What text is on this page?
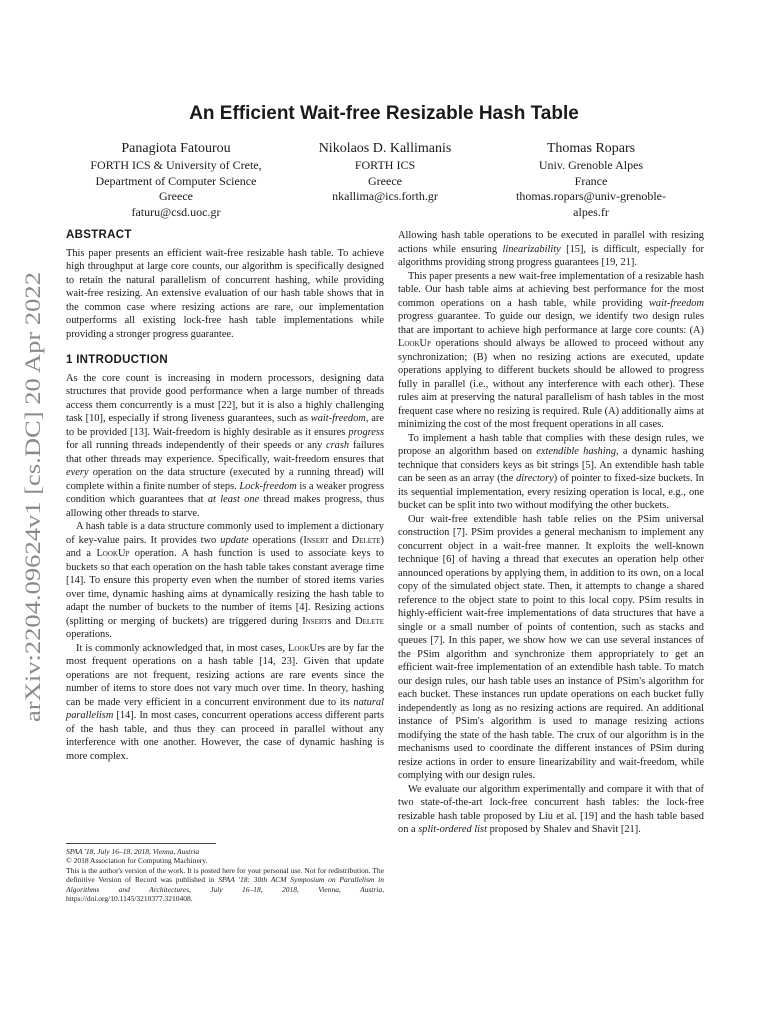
arXiv:2204.09624v1 [cs.DC] 20 Apr 2022
An Efficient Wait-free Resizable Hash Table
Panagiota Fatourou
FORTH ICS & University of Crete,
Department of Computer Science
Greece
faturu@csd.uoc.gr
Nikolaos D. Kallimanis
FORTH ICS
Greece
nkallima@ics.forth.gr
Thomas Ropars
Univ. Grenoble Alpes
France
thomas.ropars@univ-grenoble-
alpes.fr
ABSTRACT

This paper presents an efficient wait-free resizable hash table. To achieve high throughput at large core counts, our algorithm is specifically designed to retain the natural parallelism of concurrent hashing, while providing wait-free resizing. An extensive evaluation of our hash table shows that in the common case where resizing actions are rare, our implementation outperforms all existing lock-free hash table implementations while providing a stronger progress guarantee.

1 INTRODUCTION

As the core count is increasing in modern processors, designing data structures that provide good performance when a large number of threads access them concurrently is a must [22], but it is also a highly challenging task [10], especially if strong liveness guarantees, such as wait-freedom, are to be provided [13]. Wait-freedom is highly desirable as it ensures progress for all running threads independently of their speeds or any crash failures that other threads may experience. Specifically, wait-freedom ensures that every operation on the data structure (executed by a running thread) will complete within a finite number of steps. Lock-freedom is a weaker progress condition which guarantees that at least one thread makes progress, thus allowing other threads to starve.

A hash table is a data structure commonly used to implement a dictionary of key-value pairs. It provides two update operations (Insert and Delete) and a LookUp operation. A hash function is used to associate keys to buckets so that each operation on the hash table takes constant average time [14]. To ensure this property even when the number of stored items varies over time, dynamic hashing aims at dynamically resizing the hash table to adapt the number of buckets to the number of items [4]. Resizing actions (splitting or merging of buckets) are triggered during Inserts and Delete operations.

It is commonly acknowledged that, in most cases, LookUps are by far the most frequent operations on a hash table [14, 23]. Given that update operations are not frequent, resizing actions are rare events since the number of items to store does not vary much over time. In theory, hashing can be made very efficient in a concurrent environment due to its natural parallelism [14]. In most cases, concurrent operations access different parts of the hash table, and thus they can proceed in parallel without any interference with one another. However, the case of dynamic hashing is more complex.

SPAA '18, July 16–18, 2018, Vienna, Austria
© 2018 Association for Computing Machinery.
This is the author's version of the work. It is posted here for your personal use. Not for redistribution. The definitive Version of Record was published in SPAA '18: 30th ACM Symposium on Parallelism in Algorithms and Architectures, July 16–18, 2018, Vienna, Austria, https://doi.org/10.1145/3210377.3210408.

Allowing hash table operations to be executed in parallel with resizing actions while ensuring linearizability [15], is difficult, especially for algorithms providing strong progress guarantees [19, 21].

This paper presents a new wait-free implementation of a resizable hash table. Our hash table aims at achieving best performance for the most common operations on a hash table, while providing wait-freedom progress guarantee. To guide our design, we identify two design rules that are important to achieve high performance at large core counts: (A) LookUp operations should always be allowed to proceed without any synchronization; (B) when no resizing actions are executed, update operations applying to different buckets should be allowed to progress fully in parallel (i.e., without any interference with each other). These rules aim at preserving the natural parallelism of hash tables in the most frequent case where no resizing is required. Rule (A) additionally aims at minimizing the cost of the most frequent operations in all cases.

To implement a hash table that complies with these design rules, we propose an algorithm based on extendible hashing, a dynamic hashing technique that considers keys as bit strings [5]. An extendible hash table can be seen as an array (the directory) of pointer to fixed-size buckets. In its sequential implementation, every resizing operation is local, e.g., one bucket can be split into two without modifying the other buckets.

Our wait-free extendible hash table relies on the PSim universal construction [7]. PSim provides a general mechanism to implement any concurrent object in a wait-free manner. It exploits the well-known technique [6] of having a thread that executes an operation help other announced operations by applying them, in addition to its own, on a local copy of the simulated object state. Then, it attempts to change a shared reference to the object state to point to this local copy. PSim results in highly-efficient wait-free implementations of data structures that have a single or a small number of points of contention, such as stacks and queues [7]. In this paper, we show how we can use several instances of the PSim algorithm and synchronize them appropriately to get an efficient wait-free implementation of an extendible hash table. To match our design rules, our hash table uses an instance of PSim's algorithm for each bucket. These instances run update operations on each bucket fully independently as long as no resizing actions are required. An additional instance of PSim's algorithm is used to manage resizing actions modifying the state of the hash table. The crux of our algorithm is in the mechanisms used to coordinate the different instances of PSim during resize actions in order to ensure linearizability and wait-freedom, while complying with our design rules.

We evaluate our algorithm experimentally and compare it with that of two state-of-the-art lock-free concurrent hash tables: the lock-free resizable hash table proposed by Liu et al. [19] and the hash table based on a split-ordered list proposed by Shalev and Shavit [21].
